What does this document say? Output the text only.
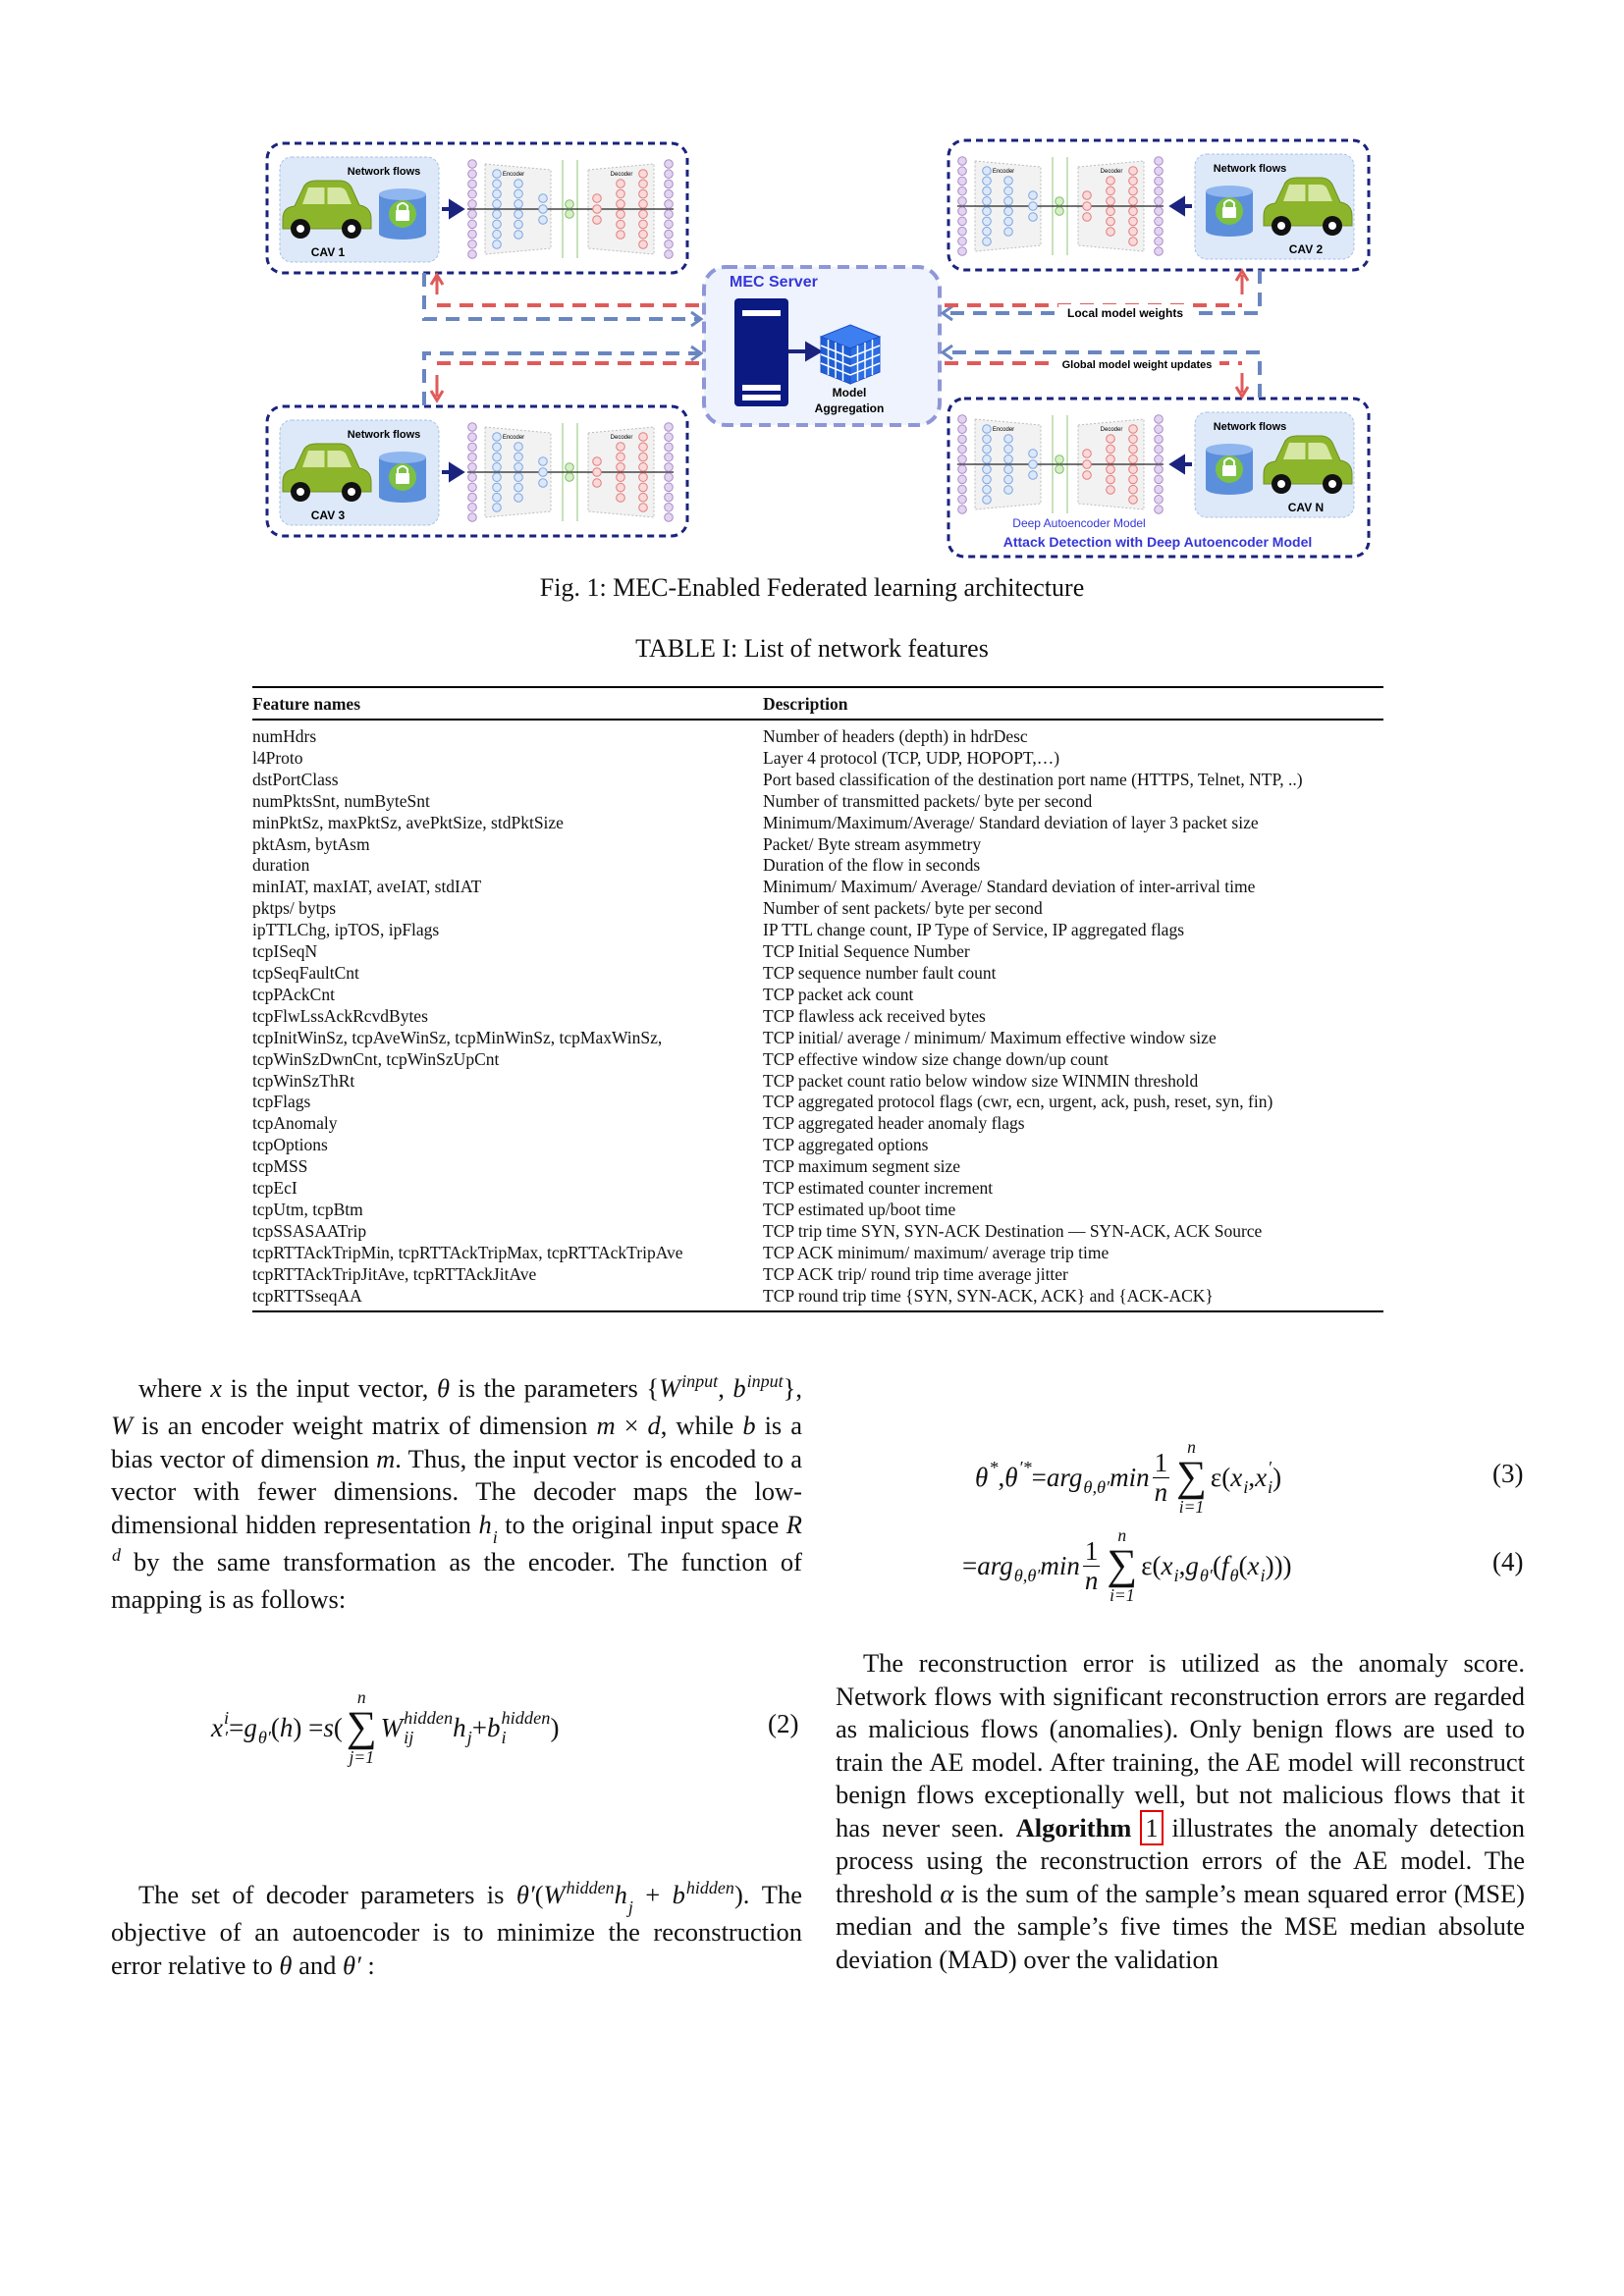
Network flows
CAV 1
Encoder	Decoder	Network flows
CAV 2
Encoder	Decoder
Network flows
CAV 3
Encoder	Decoder
Network flows
CAV N
Encoder	Decoder
Deep Autoencoder Model
Attack Detection with Deep Autoencoder Model
MEC Server
Model
Aggregation
Local model weights
Global model weight updates
Fig. 1: MEC-Enabled Federated learning architecture
TABLE I: List of network features
Feature names	Description
numHdrs	Number of headers (depth) in hdrDesc
l4Proto	Layer 4 protocol (TCP, UDP, HOPOPT,…)
dstPortClass	Port based classification of the destination port name (HTTPS, Telnet, NTP, ..)
numPktsSnt, numByteSnt	Number of transmitted packets/ byte per second
minPktSz, maxPktSz, avePktSize, stdPktSize	Minimum/Maximum/Average/ Standard deviation of layer 3 packet size
pktAsm, bytAsm	Packet/ Byte stream asymmetry
duration	Duration of the flow in seconds
minIAT, maxIAT, aveIAT, stdIAT	Minimum/ Maximum/ Average/ Standard deviation of inter-arrival time
pktps/ bytps	Number of sent packets/ byte per second
ipTTLChg, ipTOS, ipFlags	IP TTL change count, IP Type of Service, IP aggregated flags
tcpISeqN	TCP Initial Sequence Number
tcpSeqFaultCnt	TCP sequence number fault count
tcpPAckCnt	TCP packet ack count
tcpFlwLssAckRcvdBytes	TCP flawless ack received bytes
tcpInitWinSz, tcpAveWinSz, tcpMinWinSz, tcpMaxWinSz,	TCP initial/ average / minimum/ Maximum effective window size
tcpWinSzDwnCnt, tcpWinSzUpCnt	TCP effective window size change down/up count
tcpWinSzThRt	TCP packet count ratio below window size WINMIN threshold
tcpFlags	TCP aggregated protocol flags (cwr, ecn, urgent, ack, push, reset, syn, fin)
tcpAnomaly	TCP aggregated header anomaly flags
tcpOptions	TCP aggregated options
tcpMSS	TCP maximum segment size
tcpEcI	TCP estimated counter increment
tcpUtm, tcpBtm	TCP estimated up/boot time
tcpSSASAATrip	TCP trip time SYN, SYN-ACK Destination — SYN-ACK, ACK Source
tcpRTTAckTripMin, tcpRTTAckTripMax, tcpRTTAckTripAve	TCP ACK minimum/ maximum/ average trip time
tcpRTTAckTripJitAve, tcpRTTAckJitAve	TCP ACK trip/ round trip time average jitter
tcpRTTSseqAA	TCP round trip time {SYN, SYN-ACK, ACK} and {ACK-ACK}
where x is the input vector, θ is the parameters {W input
, b input
}, W is an encoder weight matrix of dimension m × d, while b is a bias vector of dimension m. Thus, the input vector is encoded to a vector with fewer dimensions. The decoder maps the low-dimensional hidden representation h
i to the original input space R
d
by the same transformation as the encoder. The function of mapping is as follows:
x i
′ = g
θ′ ( h ) = s (
n
∑
j=1
W hidden
ij	h
j + b hidden
i	)	(2)
The set of decoder parameters is θ′(W hidden
h
j + b hidden
). The objective of an autoencoder is to minimize the reconstruction error relative to θ and θ′ :
θ *
, θ ′*
= arg
θ,θ′ $\min \frac{1}{n}$
n
∑
i=1
ε( x
i , x ′
i )	(3)
= arg
θ,θ′ $\min \frac{1}{n}$
n
∑
i=1
ε( x
i , g
θ′ ( f
θ ( x
i )))	(4)
The reconstruction error is utilized as the anomaly score. Network flows with significant reconstruction errors are regarded as malicious flows (anomalies). Only benign flows are used to train the AE model. After training, the AE model will reconstruct benign flows exceptionally well, but not malicious flows that it has never seen. Algorithm 1 illustrates the anomaly detection process using the reconstruction errors of the AE model. The threshold α is the sum of the sample’s mean squared error (MSE) median and the sample’s five times the MSE median absolute deviation (MAD) over the validation
